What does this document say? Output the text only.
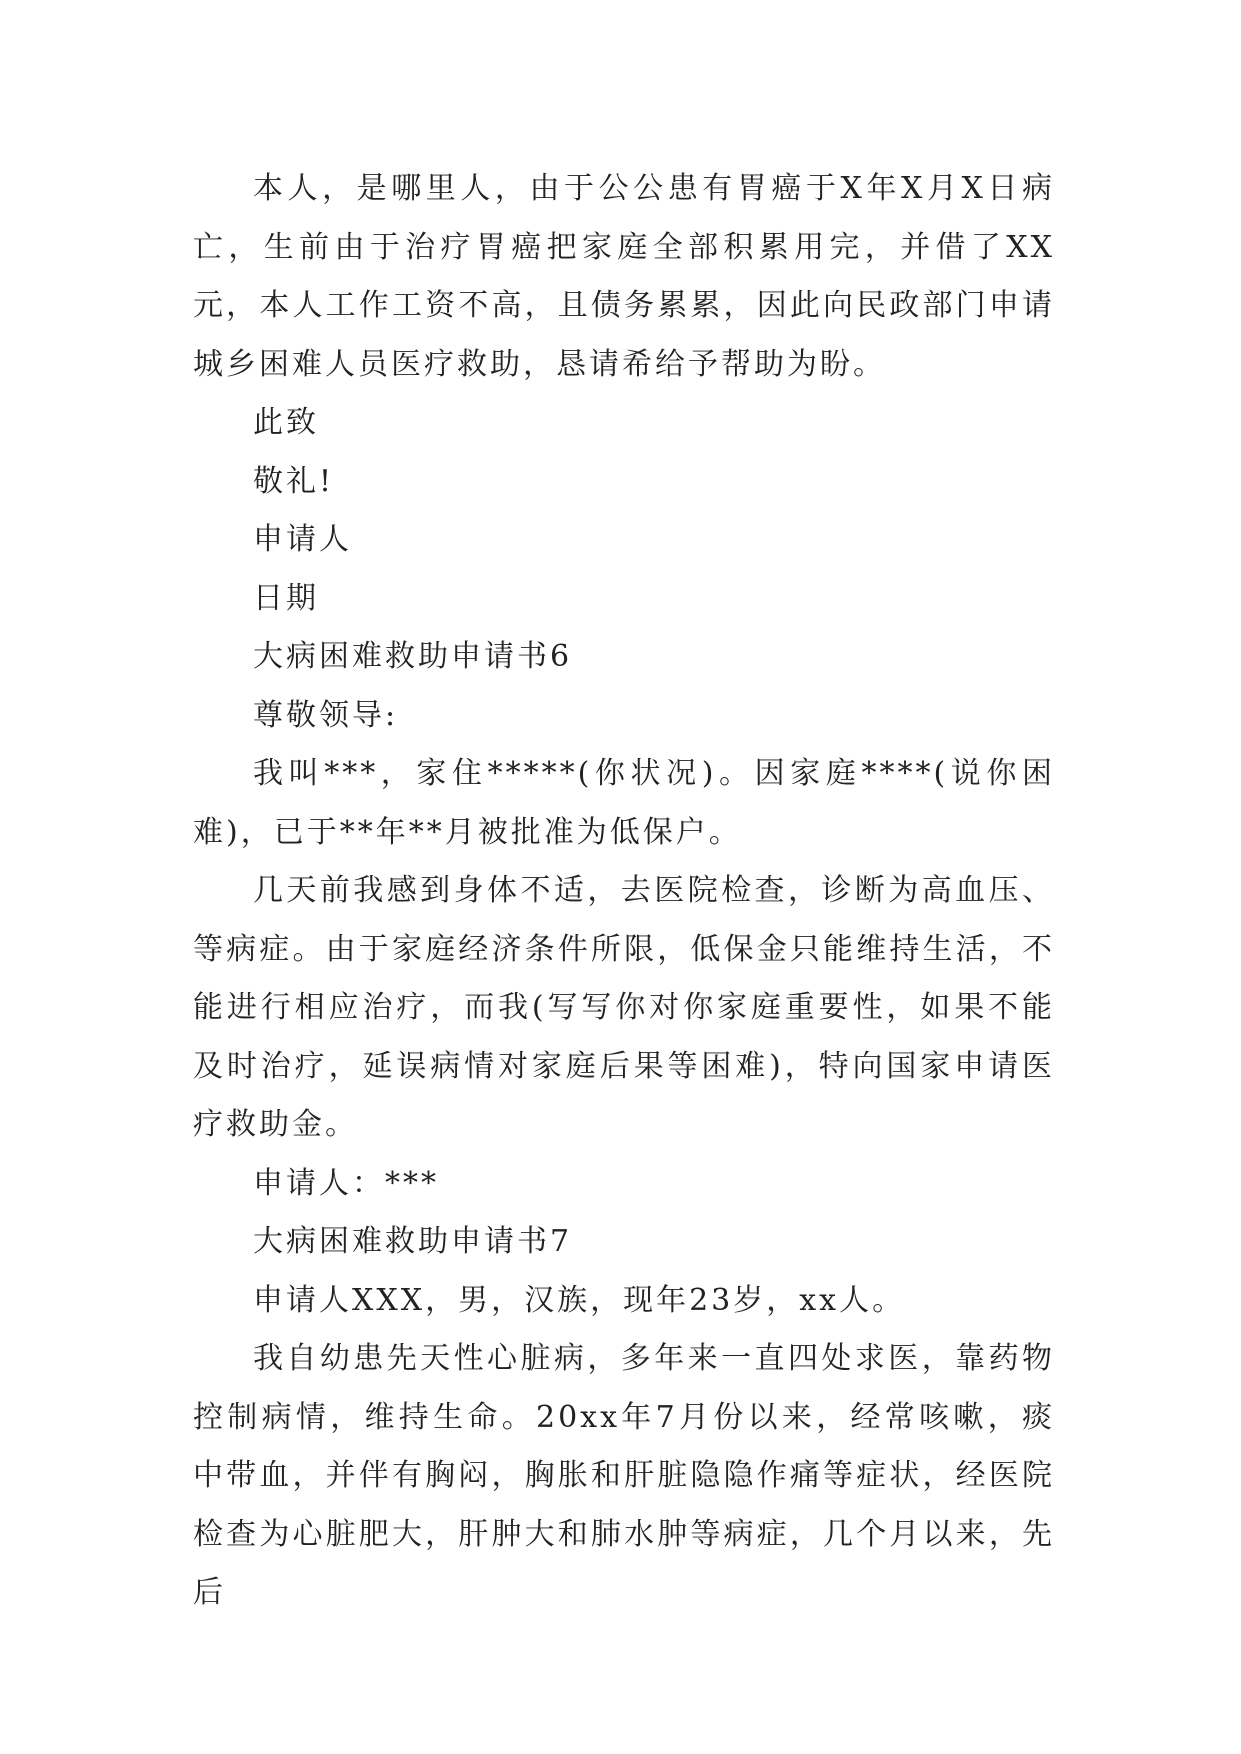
本人，是哪里人，由于公公患有胃癌于X年X月X日病亡，生前由于治疗胃癌把家庭全部积累用完，并借了XX元，本人工作工资不高，且债务累累，因此向民政部门申请城乡困难人员医疗救助，恳请希给予帮助为盼。

此致

敬礼!

申请人

日期

大病困难救助申请书6

尊敬领导:

我叫***，家住*****(你状况)。因家庭****(说你困难)，已于**年**月被批准为低保户。

几天前我感到身体不适，去医院检查，诊断为高血压、等病症。由于家庭经济条件所限，低保金只能维持生活，不能进行相应治疗，而我(写写你对你家庭重要性，如果不能及时治疗，延误病情对家庭后果等困难)，特向国家申请医疗救助金。

申请人：***

大病困难救助申请书7

申请人XXX，男，汉族，现年23岁，xx人。

我自幼患先天性心脏病，多年来一直四处求医，靠药物控制病情，维持生命。20xx年7月份以来，经常咳嗽，痰中带血，并伴有胸闷，胸胀和肝脏隐隐作痛等症状，经医院检查为心脏肥大，肝肿大和肺水肿等病症，几个月以来，先后
